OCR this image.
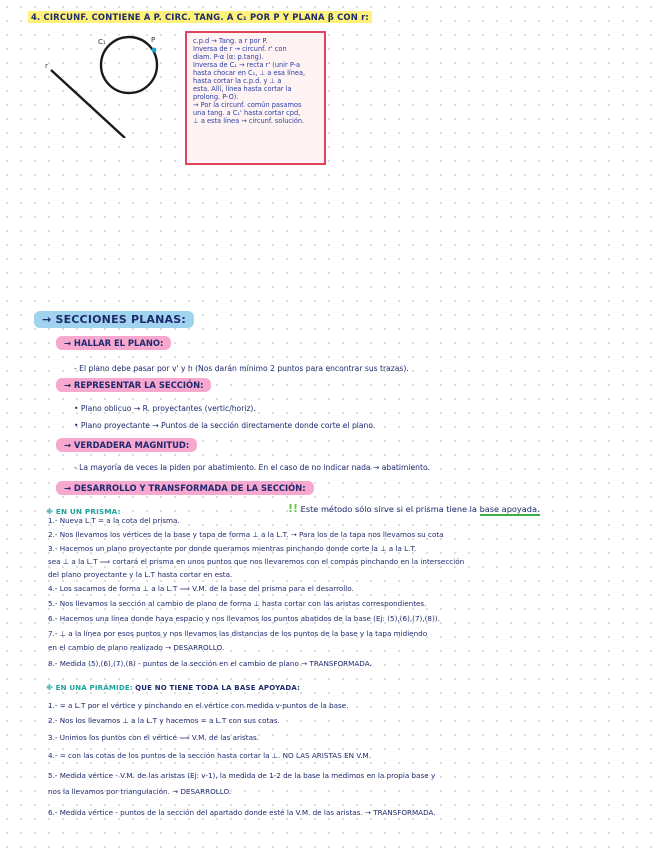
4. CIRCUNF. CONTIENE A P. CIRC. TANG. A C₁ POR P Y PLANA β CON r:
C₁	P
r
c.p.d → Tang. a r por P.
Inversa de r → circunf. r' con
diam. P-α (α: p.tang).
Inversa de C₁ → recta r' (unir P-a
hasta chocar en C₁, ⊥ a esa línea,
hasta cortar la c.p.d. y ⊥ a
esta. Allí, línea hasta cortar la
prolong. P-O).
→ Por la circunf. común pasamos
una tang. a C₁' hasta cortar cpd,
⊥ a esta línea → circunf. solución.
→ SECCIONES PLANAS:
→ HALLAR EL PLANO:
- El plano debe pasar por v' y h (Nos darán mínimo 2 puntos para encontrar sus trazas).
→ REPRESENTAR LA SECCIÓN:
• Plano oblicuo → R. proyectantes (vertic/horiz).
• Plano proyectante → Puntos de la sección directamente donde corte el plano.
→ VERDADERA MAGNITUD:
- La mayoría de veces la piden por abatimiento. En el caso de no indicar nada → abatimiento.
→ DESARROLLO Y TRANSFORMADA DE LA SECCIÓN:
※ EN UN PRISMA:	!! Este método sólo sirve si el prisma tiene la base apoyada.
1.- Nueva L.T = a la cota del prisma.
2.- Nos llevamos los vértices de la base y tapa de forma ⊥ a la L.T. → Para los de la tapa nos llevamos su cota
3.- Hacemos un plano proyectante por donde queramos mientras pinchando donde corte la ⊥ a la L.T.
sea ⊥ a la L.T ⟹ cortará el prisma en unos puntos que nos llevaremos con el compás pinchando en la intersección
del plano proyectante y la L.T hasta cortar en esta.
4.- Los sacamos de forma ⊥ a la L.T ⟹ V.M. de la base del prisma para el desarrollo.
5.- Nos llevamos la sección al cambio de plano de forma ⊥ hasta cortar con las aristas correspondientes.
6.- Hacemos una línea donde haya espacio y nos llevamos los puntos abatidos de la base (Ej: (5),(6),(7),(8)).
7.- ⊥ a la línea por esos puntos y nos llevamos las distancias de los puntos de la base y la tapa midiendo
en el cambio de plano realizado → DESARROLLO.
8.- Medida (5),(6),(7),(8) - puntos de la sección en el cambio de plano → TRANSFORMADA.
※ EN UNA PIRÁMIDE: QUE NO TIENE TODA LA BASE APOYADA:
1.- = a L.T por el vértice y pinchando en el vértice con medida v-puntos de la base.
2.- Nos los llevamos ⊥ a la L.T y hacemos = a L.T con sus cotas.
3.- Unimos los puntos con el vértice ⟹ V.M. de las aristas.
4.- = con las cotas de los puntos de la sección hasta cortar la ⊥. NO LAS ARISTAS EN V.M.
5.- Medida vértice - V.M. de las aristas (Ej: v-1), la medida de 1-2 de la base la medimos en la propia base y
nos la llevamos por triangulación. → DESARROLLO.
6.- Medida vértice - puntos de la sección del apartado donde esté la V.M. de las aristas. → TRANSFORMADA.
